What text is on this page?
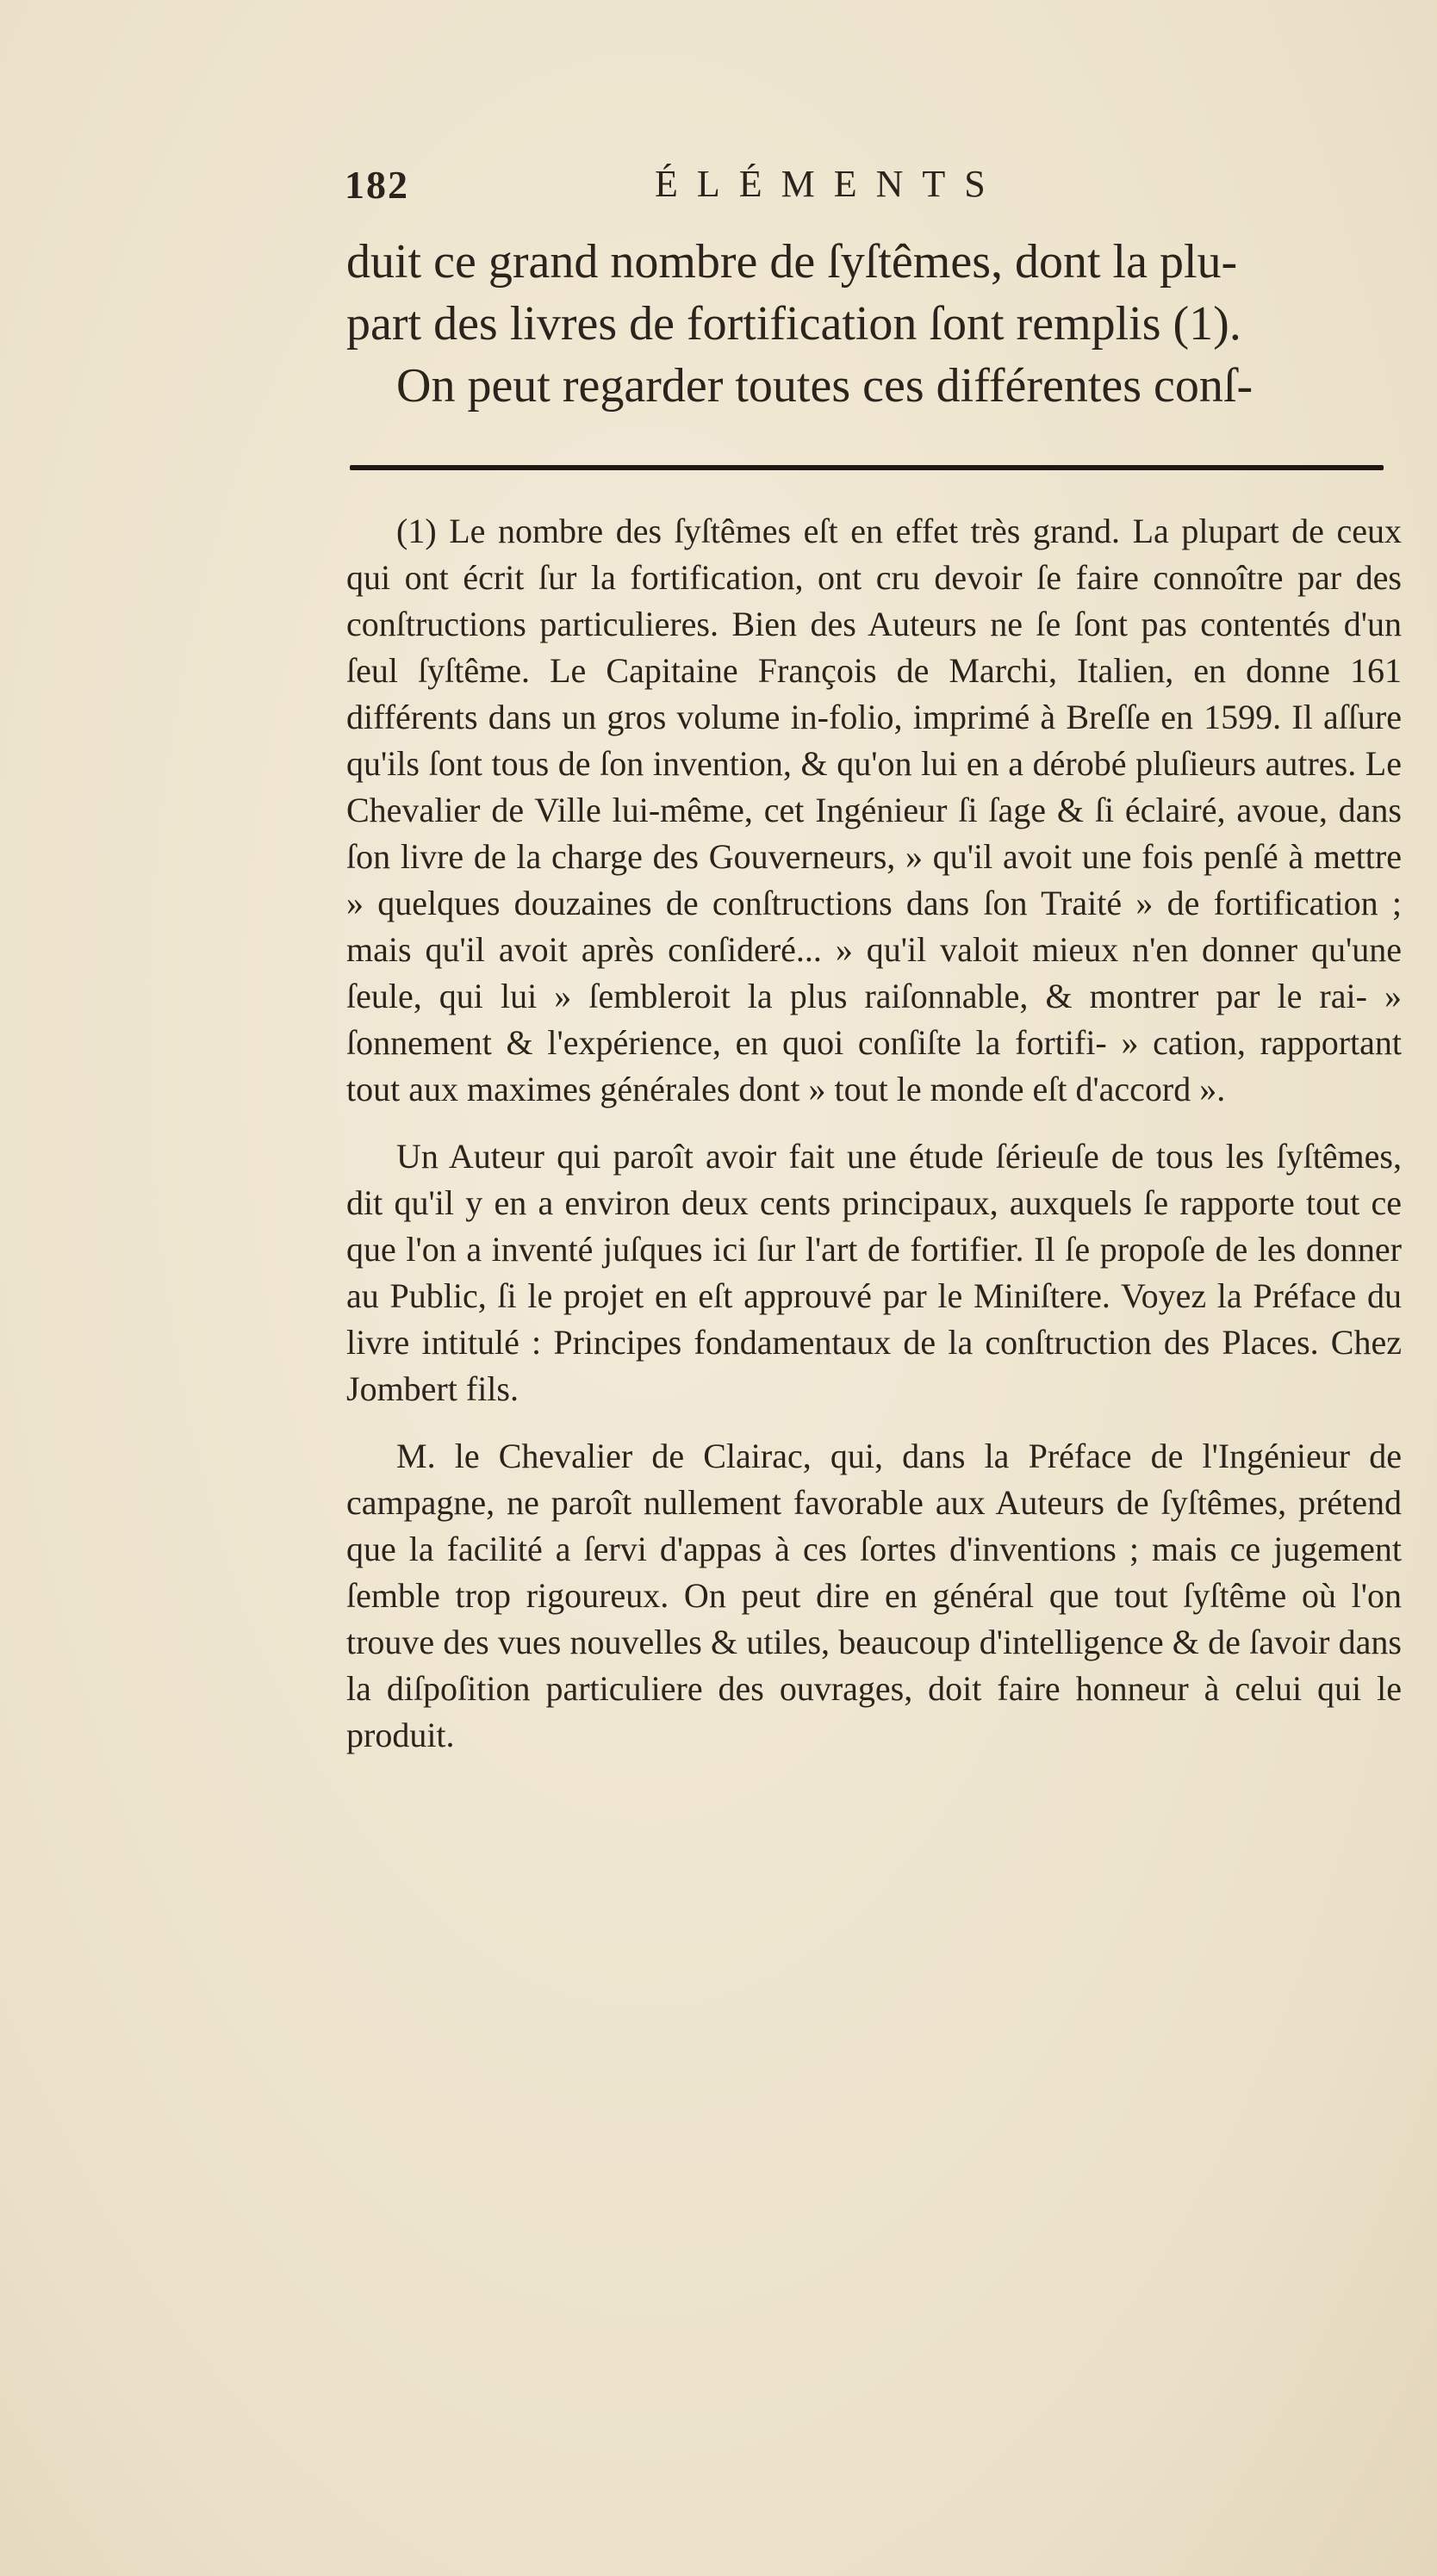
182	ÉLÉMENTS
duit ce grand nombre de ſyſtêmes, dont la plu-
part des livres de fortification ſont remplis (1).
On peut regarder toutes ces différentes conſ-

(1) Le nombre des ſyſtêmes eſt en effet très grand. La plupart de ceux qui ont écrit ſur la fortification, ont cru devoir ſe faire connoître par des conſtructions particulieres. Bien des Auteurs ne ſe ſont pas contentés d'un ſeul ſyſtême. Le Capitaine François de Marchi, Italien, en donne 161 différents dans un gros volume in-folio, imprimé à Breſſe en 1599. Il aſſure qu'ils ſont tous de ſon invention, & qu'on lui en a dérobé pluſieurs autres. Le Chevalier de Ville lui-même, cet Ingénieur ſi ſage & ſi éclairé, avoue, dans ſon livre de la charge des Gouverneurs, » qu'il avoit une fois penſé à mettre » quelques douzaines de conſtructions dans ſon Traité » de fortification ; mais qu'il avoit après conſideré... » qu'il valoit mieux n'en donner qu'une ſeule, qui lui » ſembleroit la plus raiſonnable, & montrer par le rai- » ſonnement & l'expérience, en quoi conſiſte la fortifi- » cation, rapportant tout aux maximes générales dont » tout le monde eſt d'accord ».

Un Auteur qui paroît avoir fait une étude ſérieuſe de tous les ſyſtêmes, dit qu'il y en a environ deux cents principaux, auxquels ſe rapporte tout ce que l'on a inventé juſques ici ſur l'art de fortifier. Il ſe propoſe de les donner au Public, ſi le projet en eſt approuvé par le Miniſtere. Voyez la Préface du livre intitulé : Principes fondamentaux de la conſtruction des Places. Chez Jombert fils.

M. le Chevalier de Clairac, qui, dans la Préface de l'Ingénieur de campagne, ne paroît nullement favorable aux Auteurs de ſyſtêmes, prétend que la facilité a ſervi d'appas à ces ſortes d'inventions ; mais ce jugement ſemble trop rigoureux. On peut dire en général que tout ſyſtême où l'on trouve des vues nouvelles & utiles, beaucoup d'intelligence & de ſavoir dans la diſpoſition particuliere des ouvrages, doit faire honneur à celui qui le produit.
